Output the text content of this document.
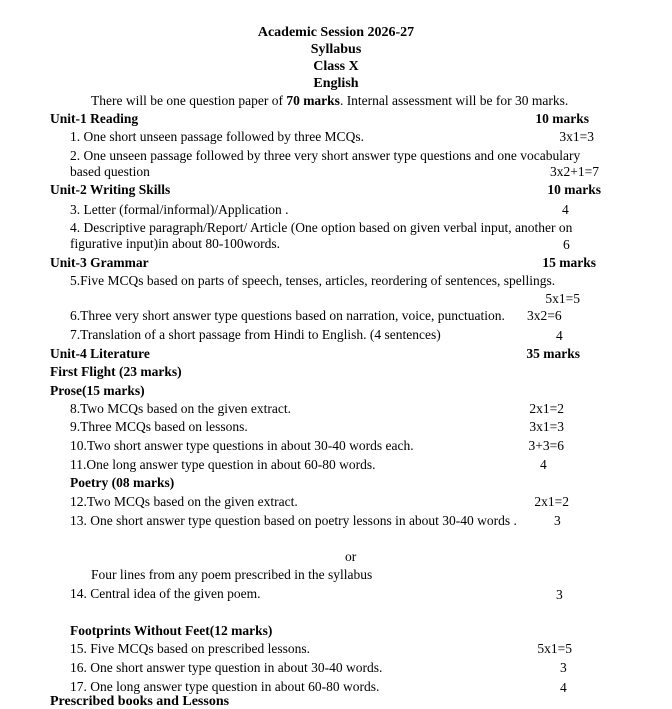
Academic Session 2026-27
Syllabus
Class X
English
There will be one question paper of 70 marks. Internal assessment will be for 30 marks.
Unit-1 Reading	10 marks
1. One short unseen passage followed by three MCQs.	3x1=3
2. One unseen passage followed by three very short answer type questions and one vocabulary
based question	3x2+1=7
Unit-2 Writing Skills	10 marks
3. Letter (formal/informal)/Application .	4
4. Descriptive paragraph/Report/ Article (One option based on given verbal input, another on
figurative input)in about 80-100words.	6
Unit-3 Grammar	15 marks
5.Five MCQs based on parts of speech, tenses, articles, reordering of sentences, spellings.
5x1=5
6.Three very short answer type questions based on narration, voice, punctuation. 3x2=6
7.Translation of a short passage from Hindi to English. (4 sentences)	4
Unit-4 Literature	35 marks
First Flight (23 marks)
Prose(15 marks)
8.Two MCQs based on the given extract.	2x1=2
9.Three MCQs based on lessons.	3x1=3
10.Two short answer type questions in about 30-40 words each.	3+3=6
11.One long answer type question in about 60-80 words.	4
Poetry (08 marks)
12.Two MCQs based on the given extract.	2x1=2
13. One short answer type question based on poetry lessons in about 30-40 words .	3
or
Four lines from any poem prescribed in the syllabus
14. Central idea of the given poem.	3
Footprints Without Feet(12 marks)
15. Five MCQs based on prescribed lessons.	5x1=5
16. One short answer type question in about 30-40 words.	3
17. One long answer type question in about 60-80 words.	4
Prescribed books and Lessons
